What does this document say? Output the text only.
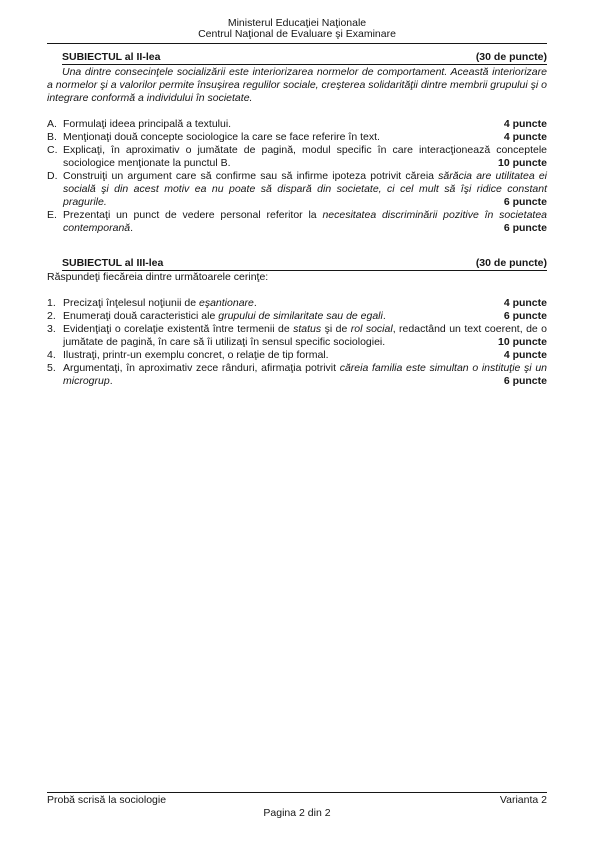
Ministerul Educaţiei Naţionale
Centrul Naţional de Evaluare şi Examinare
SUBIECTUL al II-lea	(30 de puncte)
Una dintre consecinţele socializării este interiorizarea normelor de comportament. Această interiorizare a normelor şi a valorilor permite însuşirea regulilor sociale, creşterea solidarităţii dintre membrii grupului şi o integrare conformă a individului în societate.
A. Formulaţi ideea principală a textului.	4 puncte
B. Menţionaţi două concepte sociologice la care se face referire în text.	4 puncte
C. Explicaţi, în aproximativ o jumătate de pagină, modul specific în care interacţionează conceptele sociologice menţionate la punctul B.	10 puncte
D. Construiţi un argument care să confirme sau să infirme ipoteza potrivit căreia sărăcia are utilitatea ei socială şi din acest motiv ea nu poate să dispară din societate, ci cel mult să îşi ridice constant pragurile.	6 puncte
E. Prezentaţi un punct de vedere personal referitor la necesitatea discriminării pozitive în societatea contemporană.	6 puncte
SUBIECTUL al III-lea	(30 de puncte)
Răspundeţi fiecăreia dintre următoarele cerinţe:
1. Precizaţi înţelesul noţiunii de eşantionare.	4 puncte
2. Enumeraţi două caracteristici ale grupului de similaritate sau de egali.	6 puncte
3. Evidenţiaţi o corelaţie existentă între termenii de status şi de rol social, redactând un text coerent, de o jumătate de pagină, în care să îi utilizaţi în sensul specific sociologiei.	10 puncte
4. Ilustraţi, printr-un exemplu concret, o relaţie de tip formal.	4 puncte
5. Argumentaţi, în aproximativ zece rânduri, afirmaţia potrivit căreia familia este simultan o instituţie şi un microgrup.	6 puncte
Probă scrisă la sociologie	Varianta 2
Pagina 2 din 2
